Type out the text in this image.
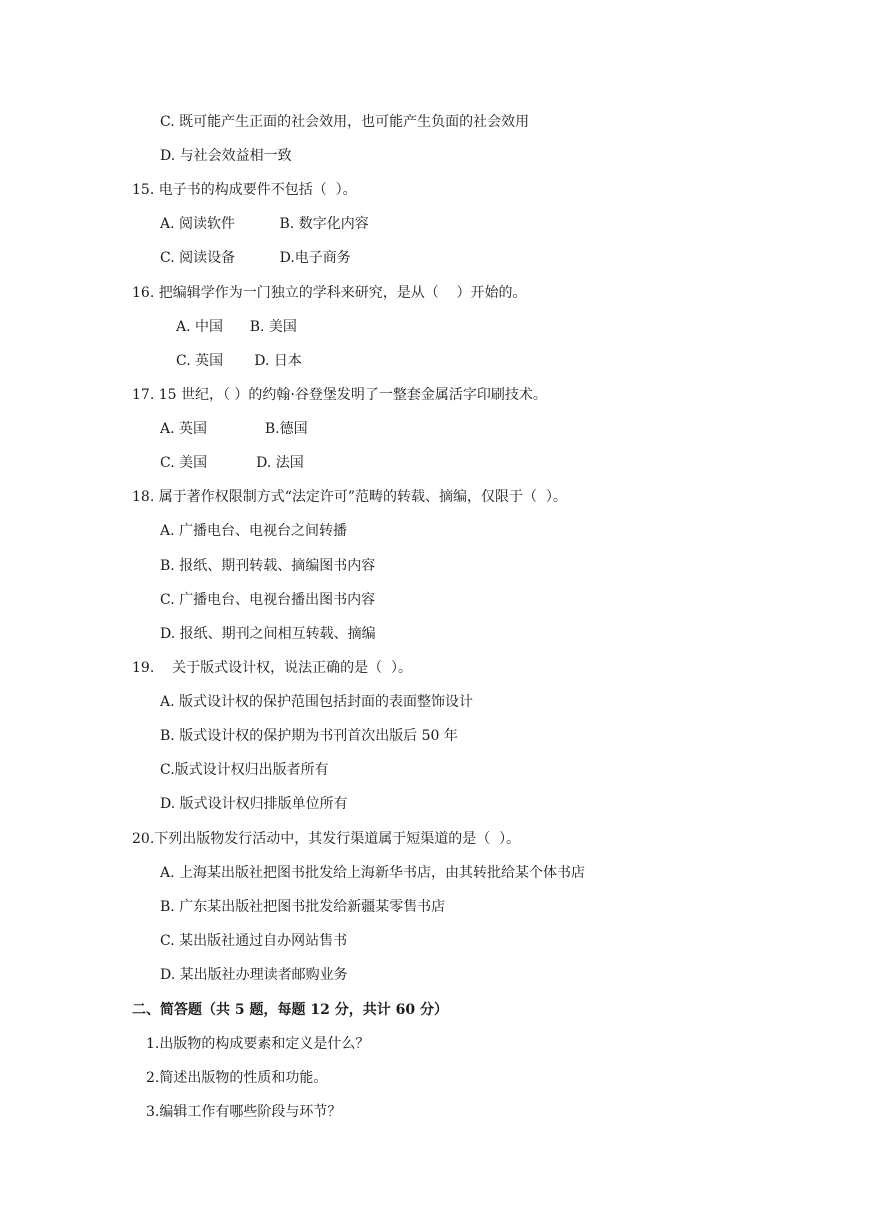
C. 既可能产生正面的社会效用，也可能产生负面的社会效用
D. 与社会效益相一致
15. 电子书的构成要件不包括（  ）。
A. 阅读软件          B. 数字化内容
C. 阅读设备          D.电子商务
16. 把编辑学作为一门独立的学科来研究，是从（    ）开始的。
A. 中国      B. 美国
C. 英国       D. 日本
17. 15 世纪，（ ）的约翰·谷登堡发明了一整套金属活字印刷技术。
A. 英国             B.德国
C. 美国           D. 法国
18. 属于著作权限制方式“法定许可”范畴的转载、摘编，仅限于（  ）。
A. 广播电台、电视台之间转播
B. 报纸、期刊转载、摘编图书内容
C. 广播电台、电视台播出图书内容
D. 报纸、期刊之间相互转载、摘编
19.    关于版式设计权，说法正确的是（  ）。
A. 版式设计权的保护范围包括封面的表面整饰设计
B. 版式设计权的保护期为书刊首次出版后 50 年
C.版式设计权归出版者所有
D. 版式设计权归排版单位所有
20.下列出版物发行活动中，其发行渠道属于短渠道的是（  ）。
A. 上海某出版社把图书批发给上海新华书店，由其转批给某个体书店
B. 广东某出版社把图书批发给新疆某零售书店
C. 某出版社通过自办网站售书
D. 某出版社办理读者邮购业务
二、简答题（共 5 题，每题 12 分，共计 60 分）
1.出版物的构成要素和定义是什么？
2.简述出版物的性质和功能。
3.编辑工作有哪些阶段与环节？
